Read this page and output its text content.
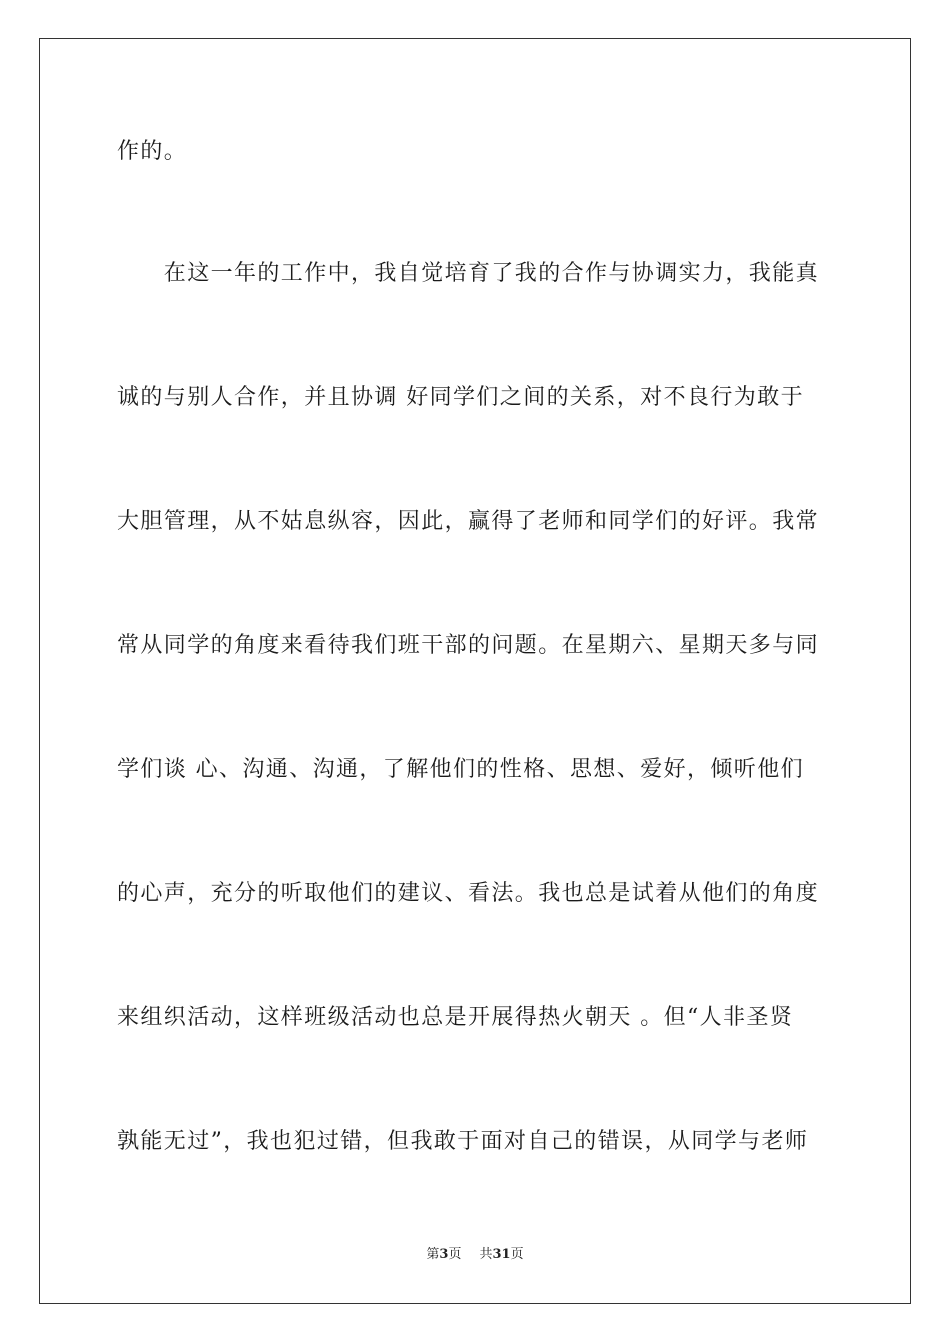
作的。
　　在这一年的工作中，我自觉培育了我的合作与协调实力，我能真
诚的与别人合作，并且协调 好同学们之间的关系，对不良行为敢于
大胆管理，从不姑息纵容，因此，赢得了老师和同学们的好评。我常
常从同学的角度来看待我们班干部的问题。在星期六、星期天多与同
学们谈 心、沟通、沟通，了解他们的性格、思想、爱好，倾听他们
的心声，充分的听取他们的建议、看法。我也总是试着从他们的角度
来组织活动，这样班级活动也总是开展得热火朝天 。但“人非圣贤
孰能无过”，我也犯过错，但我敢于面对自己的错误，从同学与老师
第3页 共31页
